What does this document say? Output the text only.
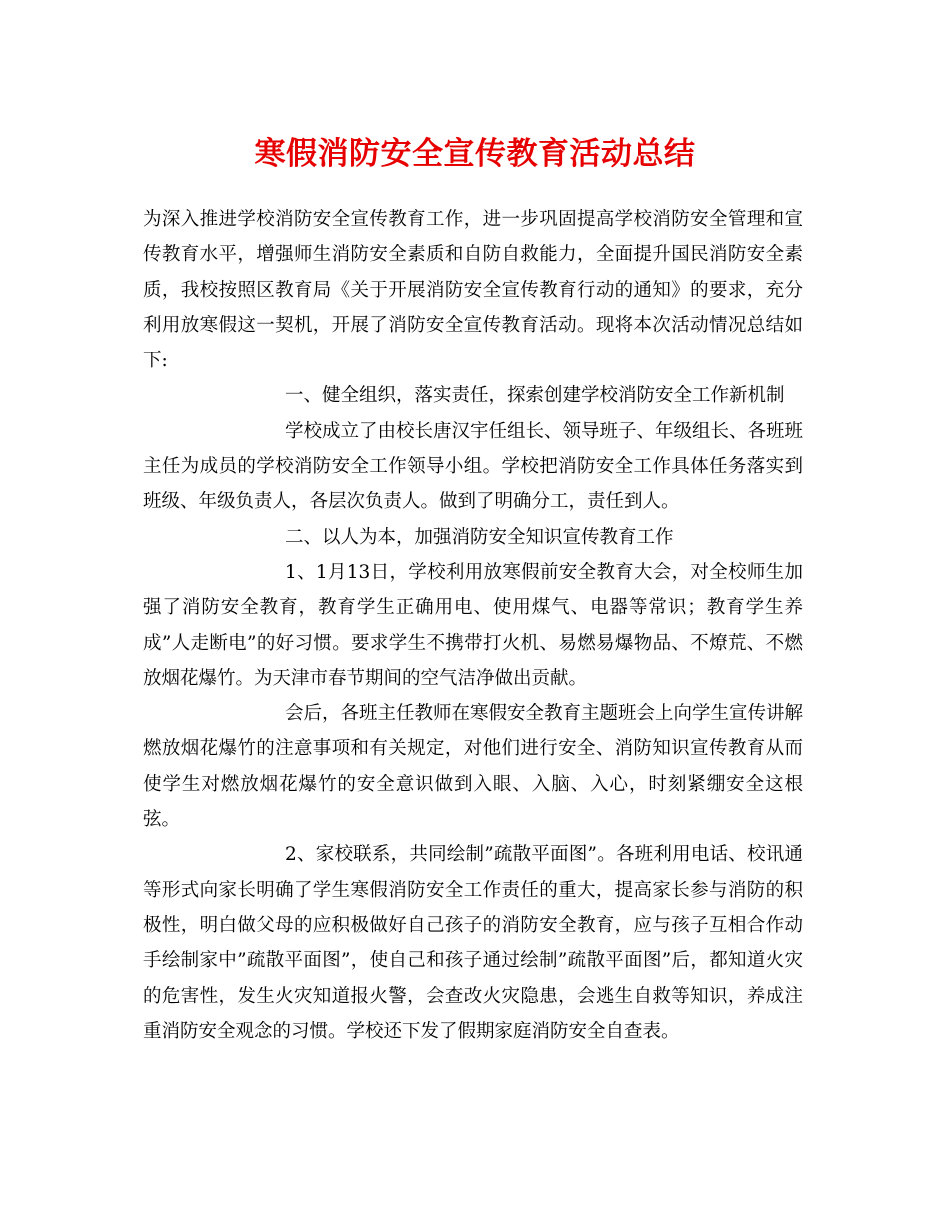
寒假消防安全宣传教育活动总结

为深入推进学校消防安全宣传教育工作，进一步巩固提高学校消防安全管理和宣传教育水平，增强师生消防安全素质和自防自救能力，全面提升国民消防安全素质，我校按照区教育局《关于开展消防安全宣传教育行动的通知》的要求，充分利用放寒假这一契机，开展了消防安全宣传教育活动。现将本次活动情况总结如下:

一、健全组织，落实责任，探索创建学校消防安全工作新机制

学校成立了由校长唐汉宇任组长、领导班子、年级组长、各班班主任为成员的学校消防安全工作领导小组。学校把消防安全工作具体任务落实到班级、年级负责人，各层次负责人。做到了明确分工，责任到人。

二、以人为本，加强消防安全知识宣传教育工作

1、1月13日，学校利用放寒假前安全教育大会，对全校师生加强了消防安全教育，教育学生正确用电、使用煤气、电器等常识；教育学生养成”人走断电”的好习惯。要求学生不携带打火机、易燃易爆物品、不燎荒、不燃放烟花爆竹。为天津市春节期间的空气洁净做出贡献。

会后，各班主任教师在寒假安全教育主题班会上向学生宣传讲解燃放烟花爆竹的注意事项和有关规定，对他们进行安全、消防知识宣传教育从而使学生对燃放烟花爆竹的安全意识做到入眼、入脑、入心，时刻紧绷安全这根弦。

2、家校联系，共同绘制”疏散平面图”。各班利用电话、校讯通等形式向家长明确了学生寒假消防安全工作责任的重大，提高家长参与消防的积极性，明白做父母的应积极做好自己孩子的消防安全教育，应与孩子互相合作动手绘制家中”疏散平面图”，使自己和孩子通过绘制”疏散平面图”后，都知道火灾的危害性，发生火灾知道报火警，会查改火灾隐患，会逃生自救等知识，养成注重消防安全观念的习惯。学校还下发了假期家庭消防安全自查表。
